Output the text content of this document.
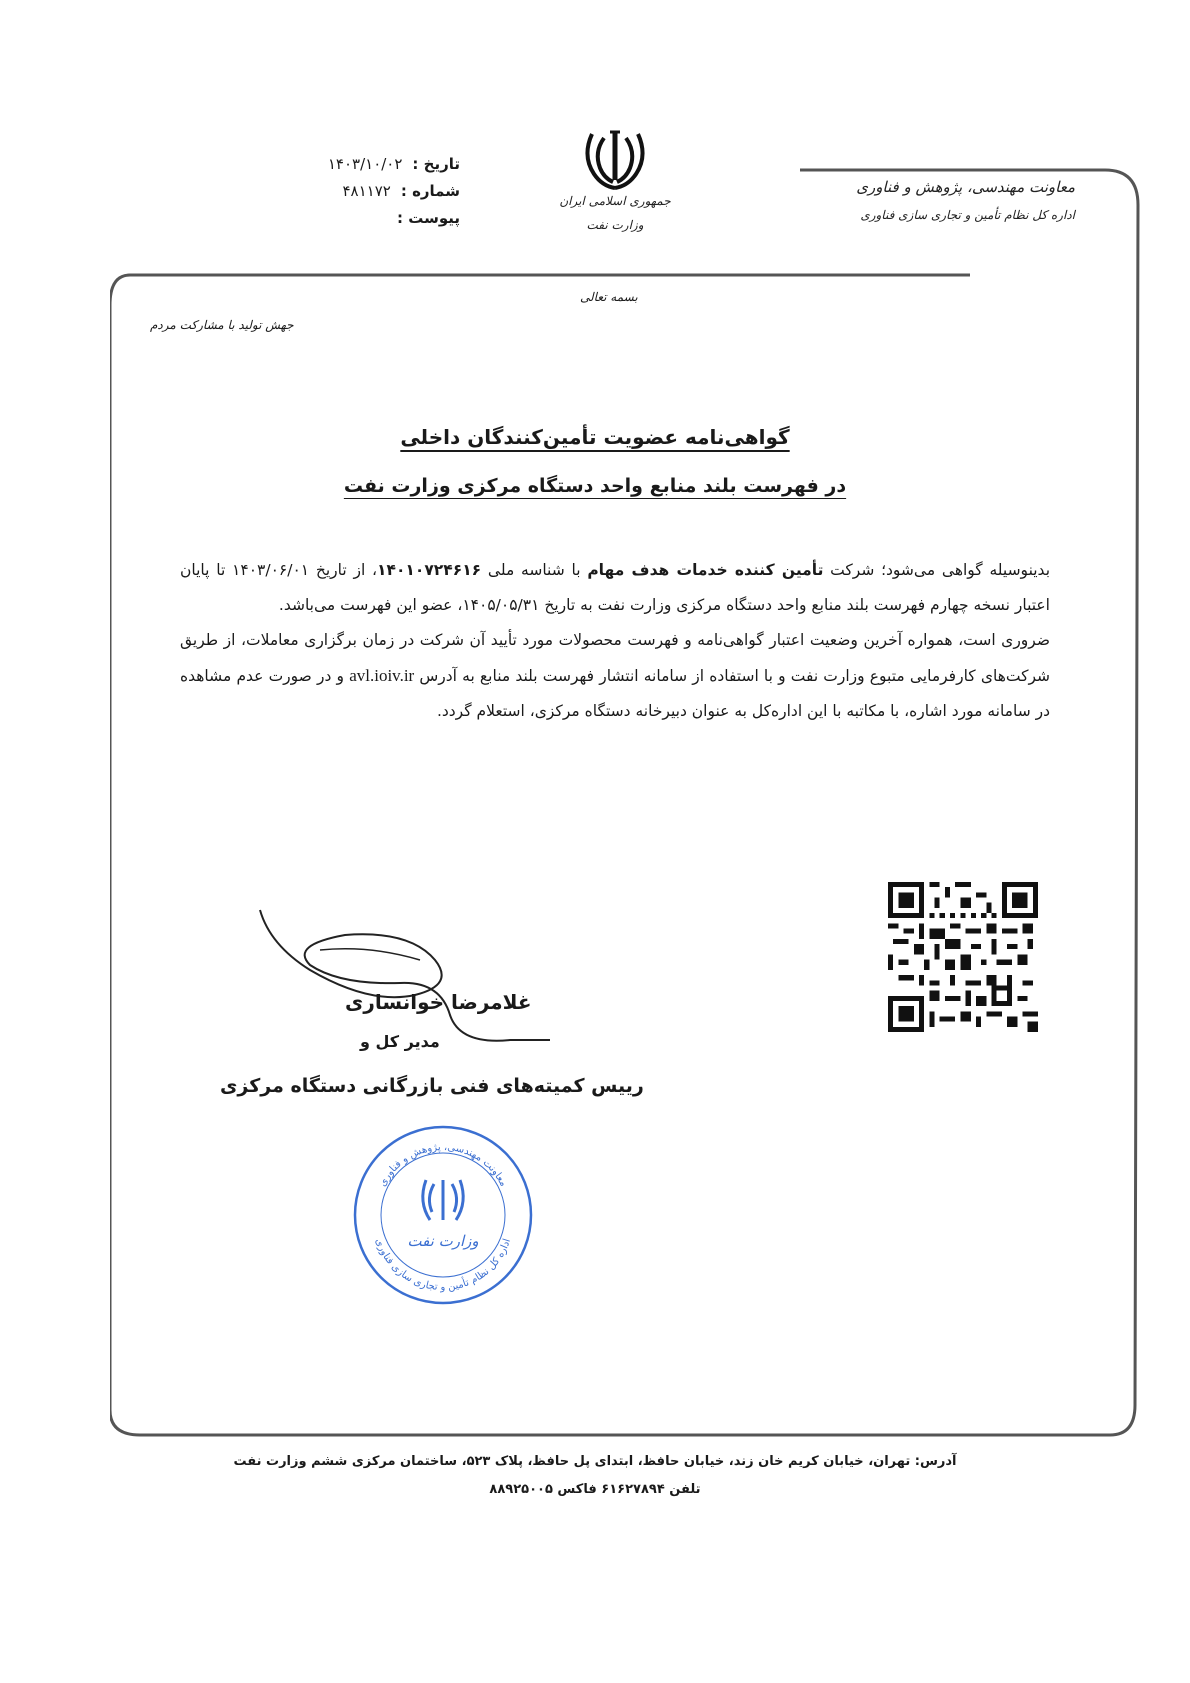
معاونت مهندسی، پژوهش و فناوری
اداره کل نظام تأمین و تجاری سازی فناوری
جمهوری اسلامی ایران
وزارت نفت
تاریخ :
۱۴۰۳/۱۰/۰۲
شماره :
۴۸۱۱۷۲
پیوست :
بسمه تعالی
جهش تولید با مشارکت مردم
گواهی‌نامه عضویت تأمین‌کنندگان داخلی
در فهرست بلند منابع واحد دستگاه مرکزی وزارت نفت

بدینوسیله گواهی می‌شود؛ شرکت تأمین کننده خدمات هدف مهام با شناسه ملی ۱۴۰۱۰۷۲۴۶۱۶، از تاریخ ۱۴۰۳/۰۶/۰۱ تا پایان اعتبار نسخه چهارم فهرست بلند منابع واحد دستگاه مرکزی وزارت نفت به تاریخ ۱۴۰۵/۰۵/۳۱، عضو این فهرست می‌باشد.

ضروری است، همواره آخرین وضعیت اعتبار گواهی‌نامه و فهرست محصولات مورد تأیید آن شرکت در زمان برگزاری معاملات، از طریق شرکت‌های کارفرمایی متبوع وزارت نفت و با استفاده از سامانه انتشار فهرست بلند منابع به آدرس avl.ioiv.ir و در صورت عدم مشاهده در سامانه مورد اشاره، با مکاتبه با این اداره‌کل به عنوان دبیرخانه دستگاه مرکزی، استعلام گردد.

غلامرضا خوانساری
مدیر کل و
رییس کمیته‌های فنی بازرگانی دستگاه مرکزی
وزارت نفت
معاونت مهندسی، پژوهش و فناوری
اداره کل نظام تأمین و تجاری سازی فناوری
آدرس: تهران، خیابان کریم خان زند، خیابان حافظ، ابتدای پل حافظ، پلاک ۵۲۳، ساختمان مرکزی ششم وزارت نفت
تلفن ۶۱۶۲۷۸۹۴ فاکس ۸۸۹۲۵۰۰۵
